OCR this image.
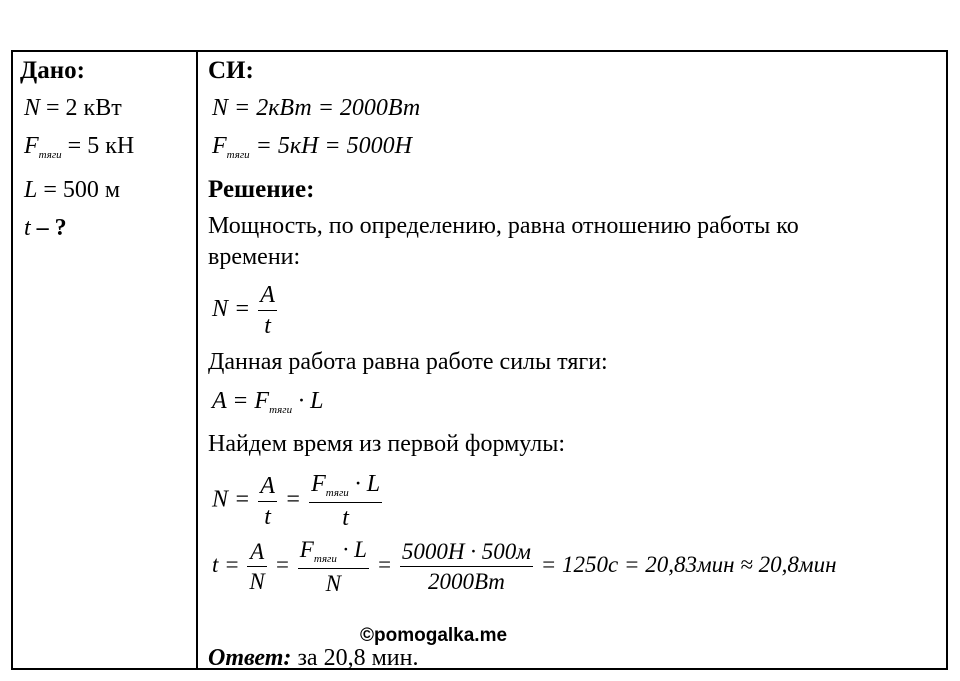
Дано:
N = 2 кВт
$F_{тяги} = 5$ кН
L = 500 м
t – ?
СИ:
N = 2кВт = 2000Вт
$F_{тяги} = 5кН = 5000Н$
Решение:
Мощность, по определению, равна отношению работы ко
времени:
$N = \frac{A}{t}$
Данная работа равна работе силы тяги:
$A = F_{тяги} \cdot L$
Найдем время из первой формулы:
$N = \frac{A}{t} = \frac{F_{тяги} \cdot L}{t}$
$t = \frac{A}{N} = \frac{F_{тяги} \cdot L}{N} = \frac{5000Н \cdot 500м}{2000Вт} = 1250с = 20,83мин \approx 20,8мин$
Ответ: за 20,8 мин.
©pomogalka.me
